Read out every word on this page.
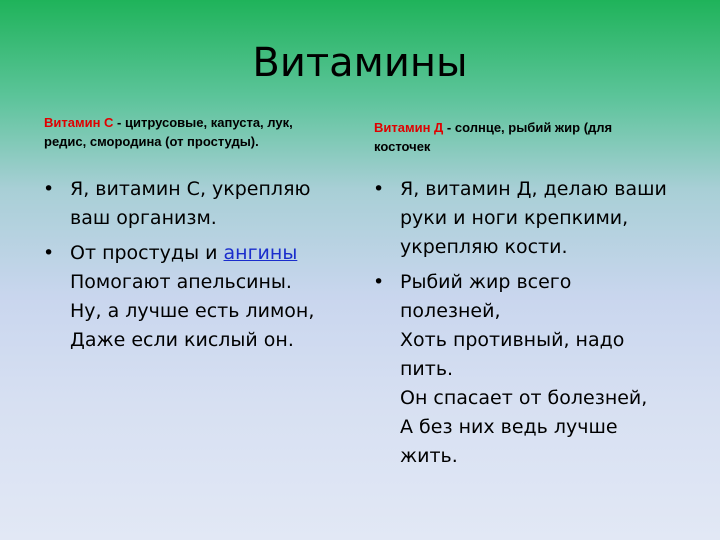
Витамины
Витамин С - цитрусовые, капуста, лук, редис, смородина (от простуды).
Витамин Д - солнце, рыбий жир (для косточек
• Я, витамин С, укрепляю ваш организм.
• От простуды и ангины
Помогают апельсины.
Ну, а лучше есть лимон,
Даже если кислый он.
• Я, витамин Д, делаю ваши руки и ноги крепкими, укрепляю кости.
• Рыбий жир всего полезней,
Хоть противный, надо пить.
Он спасает от болезней,
А без них ведь лучше жить.
